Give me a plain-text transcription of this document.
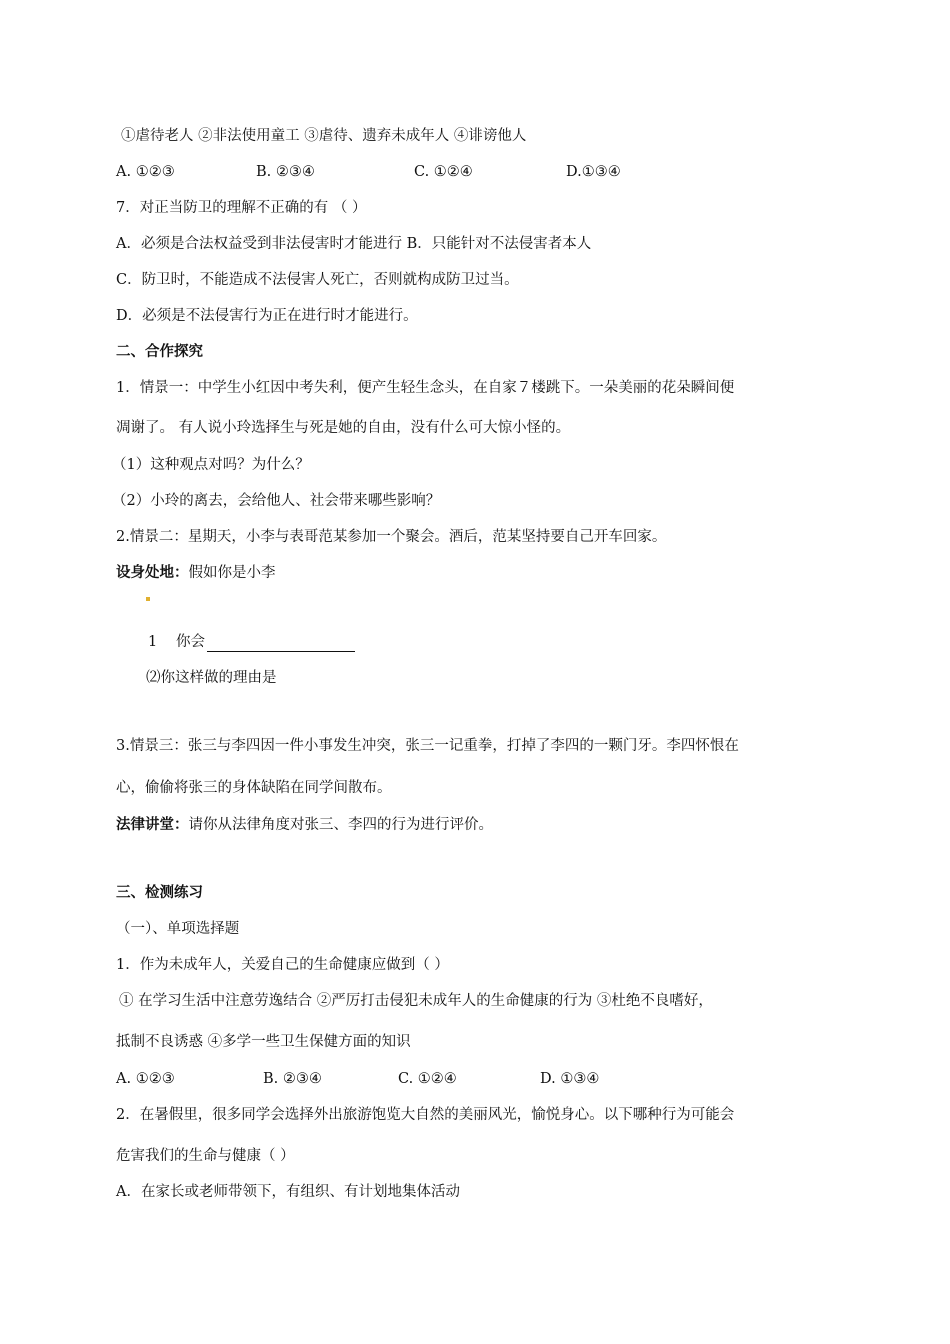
①虐待老人 ②非法使用童工 ③虐待、遗弃未成年人 ④诽谤他人
A. ①②③	B. ②③④	C. ①②④	D.①③④
7．对正当防卫的理解不正确的有 （ ）
A．必须是合法权益受到非法侵害时才能进行 B．只能针对不法侵害者本人
C．防卫时，不能造成不法侵害人死亡，否则就构成防卫过当。
D．必须是不法侵害行为正在进行时才能进行。
二、合作探究
1．情景一：中学生小红因中考失利，便产生轻生念头，在自家７楼跳下。一朵美丽的花朵瞬间便
凋谢了。 有人说小玲选择生与死是她的自由，没有什么可大惊小怪的。
（1）这种观点对吗？为什么？
（2）小玲的离去，会给他人、社会带来哪些影响？
2.情景二：星期天，小李与表哥范某参加一个聚会。酒后，范某坚持要自己开车回家。
设身处地：假如你是小李
1 你会
⑵你这样做的理由是
3.情景三：张三与李四因一件小事发生冲突，张三一记重拳，打掉了李四的一颗门牙。李四怀恨在
心，偷偷将张三的身体缺陷在同学间散布。
法律讲堂：请你从法律角度对张三、李四的行为进行评价。
三、检测练习
（一）、单项选择题
1．作为未成年人，关爱自己的生命健康应做到（ ）
① 在学习生活中注意劳逸结合 ②严厉打击侵犯未成年人的生命健康的行为 ③杜绝不良嗜好，
抵制不良诱惑 ④多学一些卫生保健方面的知识
A. ①②③	B. ②③④	C. ①②④	D. ①③④
2．在暑假里，很多同学会选择外出旅游饱览大自然的美丽风光，愉悦身心。以下哪种行为可能会
危害我们的生命与健康（ ）
A．在家长或老师带领下，有组织、有计划地集体活动
